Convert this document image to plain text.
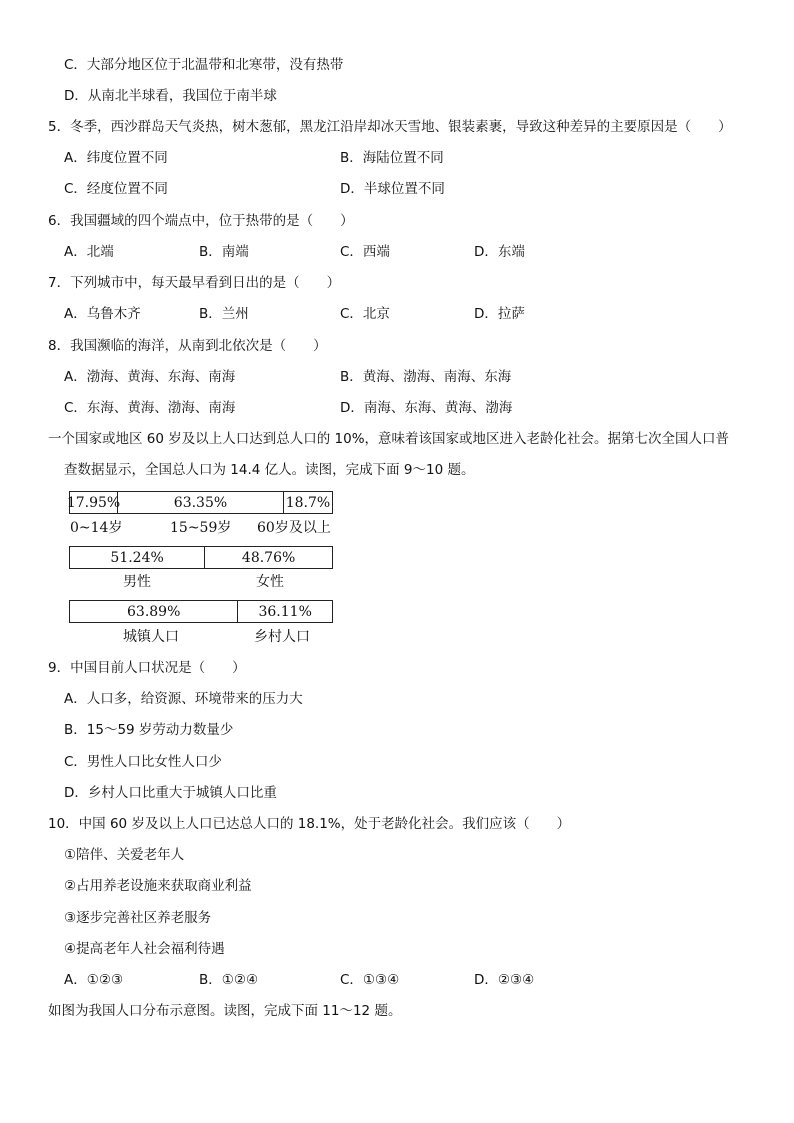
C．大部分地区位于北温带和北寒带，没有热带
D．从南北半球看，我国位于南半球
5．冬季，西沙群岛天气炎热，树木葱郁，黑龙江沿岸却冰天雪地、银装素裹，导致这种差异的主要原因是（　　）
A．纬度位置不同	B．海陆位置不同
C．经度位置不同	D．半球位置不同
6．我国疆域的四个端点中，位于热带的是（　　）
A．北端	B．南端	C．西端	D．东端
7．下列城市中，每天最早看到日出的是（　　）
A．乌鲁木齐	B．兰州	C．北京	D．拉萨
8．我国濒临的海洋，从南到北依次是（　　）
A．渤海、黄海、东海、南海	B．黄海、渤海、南海、东海
C．东海、黄海、渤海、南海	D．南海、东海、黄海、渤海
一个国家或地区 60 岁及以上人口达到总人口的 10%，意味着该国家或地区进入老龄化社会。据第七次全国人口普
查数据显示，全国总人口为 14.4 亿人。读图，完成下面 9～10 题。
17.95%	63.35%	18.7%
51.24%	48.76%
63.89%	36.11%
0~14岁	15~59岁 60岁及以上
男性	女性
城镇人口	乡村人口
9．中国目前人口状况是（　　）
A．人口多，给资源、环境带来的压力大
B．15～59 岁劳动力数量少
C．男性人口比女性人口少
D．乡村人口比重大于城镇人口比重
10．中国 60 岁及以上人口已达总人口的 18.1%，处于老龄化社会。我们应该（　　）
①陪伴、关爱老年人
②占用养老设施来获取商业利益
③逐步完善社区养老服务
④提高老年人社会福利待遇
A．①②③	B．①②④	C．①③④	D．②③④
如图为我国人口分布示意图。读图，完成下面 11～12 题。
